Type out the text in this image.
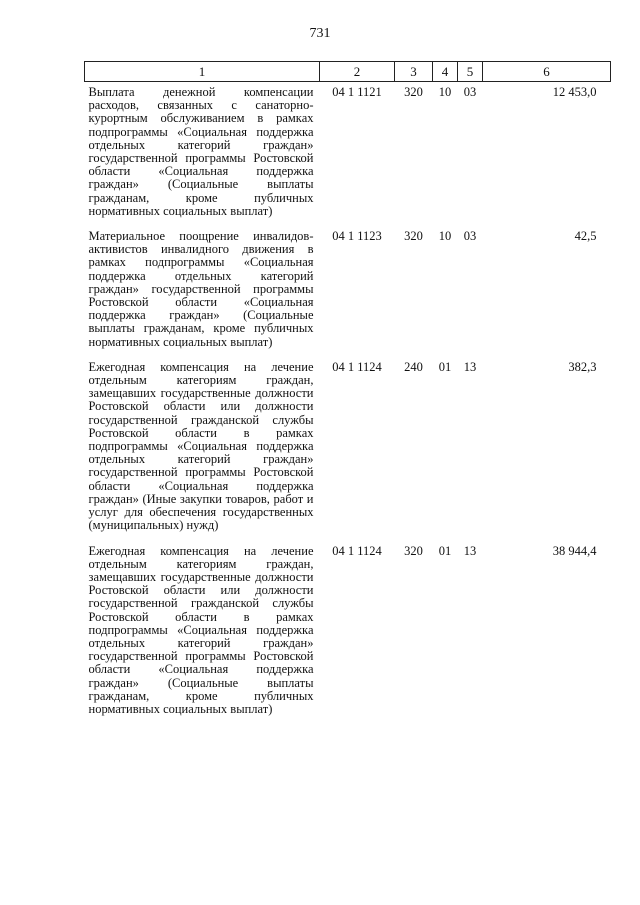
731
1	2	3	4	5	6
Выплата денежной компенсации расходов, связанных с санаторно-курортным обслуживанием в рамках подпрограммы «Социальная поддержка отдельных категорий граждан» государственной программы Ростовской области «Социальная поддержка граждан» (Социальные выплаты гражданам, кроме публичных нормативных социальных выплат)	04 1 1121	320	10	03	12 453,0
Материальное поощрение инвалидов-активистов инвалидного движения в рамках подпрограммы «Социальная поддержка отдельных категорий граждан» государственной программы Ростовской области «Социальная поддержка граждан» (Социальные выплаты гражданам, кроме публичных нормативных социальных выплат)	04 1 1123	320	10	03	42,5
Ежегодная компенсация на лечение отдельным категориям граждан, замещавших государственные должности Ростовской области или должности государственной гражданской службы Ростовской области в рамках подпрограммы «Социальная поддержка отдельных категорий граждан» государственной программы Ростовской области «Социальная поддержка граждан» (Иные закупки товаров, работ и услуг для обеспечения государственных (муниципальных) нужд)	04 1 1124	240	01	13	382,3
Ежегодная компенсация на лечение отдельным категориям граждан, замещавших государственные должности Ростовской области или должности государственной гражданской службы Ростовской области в рамках подпрограммы «Социальная поддержка отдельных категорий граждан» государственной программы Ростовской области «Социальная поддержка граждан» (Социальные выплаты гражданам, кроме публичных нормативных социальных выплат)	04 1 1124	320	01	13	38 944,4
